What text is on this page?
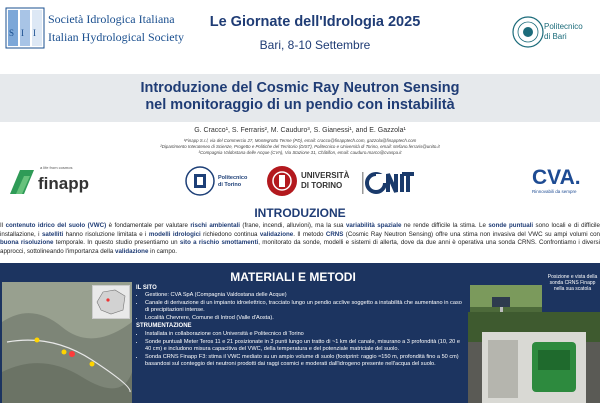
S I I
Società Idrologica Italiana
Italian Hydrological Society
Le Giornate dell'Idrologia 2025
Bari, 8-10 Settembre
Politecnico
di Bari
Introduzione del Cosmic Ray Neutron Sensing
nel monitoraggio di un pendio con instabilità
G. Cracco¹, S. Ferraris², M. Cauduro³, S. Gianessi¹, and E. Gazzola¹
¹Finapp S.r.l, via del Commercio 27, Montegrotto Terme (PD), email: cracco@finapptech.com, gazzola@finapptech.com
²Dipartimento Interateneo di Scienze, Progetto e Politiche del Territorio (DIST), Politecnico e Università di Torino, email: stefano.ferraris@unito.it
³Compagnia Valdostana delle Acque (CVA), Via Stazione 31, Châtillon, email: cauduro.marco@cvaspa.it
a life from cosmos
finapp	Politecnico
di Torino
UNIVERSITÀ
DI TORINO	CVA.
Rinnovabili da sempre
INTRODUZIONE
Il contenuto idrico del suolo (VWC) è fondamentale per valutare rischi ambientali (frane, incendi, alluvioni), ma la sua variabilità spaziale ne rende difficile la stima. Le sonde puntuali sono locali e di difficile installazione, i satelliti hanno risoluzione limitata e i modelli idrologici richiedono continua validazione. Il metodo CRNS (Cosmic Ray Neutron Sensing) offre una stima non invasiva del VWC su ampi volumi con buona risoluzione temporale. In questo studio presentiamo un sito a rischio smottamenti, monitorato da sonde, modelli e sistemi di allerta, dove da due anni è operativa una sonda CRNS. Confrontiamo i diversi approcci, sottolineando l'importanza della validazione in campo.
MATERIALI E METODI
IL SITO
• Gestione: CVA SpA (Compagnia Valdostana delle Acque)
• Canale di derivazione di un impianto idroelettrico, tracciato lungo un pendio acclive soggetto a instabilità che aumentano in caso di precipitazioni intense.
• Località Chevrere, Comune di Introd (Valle d'Aosta).
STRUMENTAZIONE
• Installata in collaborazione con Università e Politecnico di Torino
• Sonde puntuali Meter Teros 11 e 21 posizionate in 3 punti lungo un tratto di ~1 km del canale, misurano a 3 profondità (10, 20 e 40 cm) e includono misura capacitiva del VWC, della temperatura e del potenziale matriciale del suolo.
• Sonda CRNS Finapp F3: stima il VWC mediato su un ampio volume di suolo (footprint: raggio ≈150 m, profondità fino a 50 cm) basandosi sul conteggio dei neutroni prodotti dai raggi cosmici e moderati dall'idrogeno presente nell'acqua del suolo.
Posizione e vista della sonda CRNS Finapp nella sua scatola
